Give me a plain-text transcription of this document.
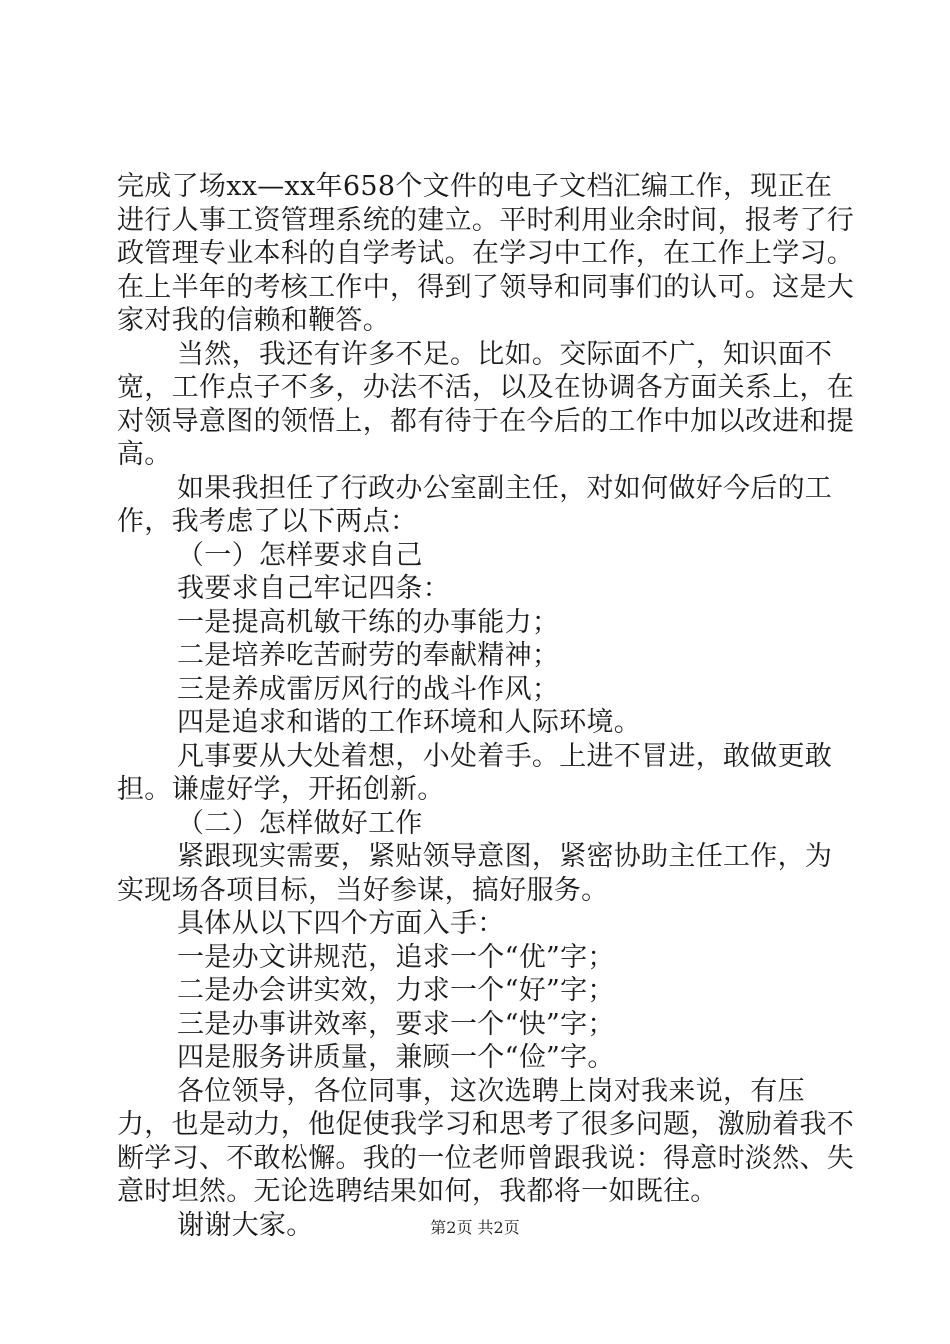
完成了场xx—xx年658个文件的电子文档汇编工作，现正在进行人事工资管理系统的建立。平时利用业余时间，报考了行政管理专业本科的自学考试。在学习中工作，在工作上学习。在上半年的考核工作中，得到了领导和同事们的认可。这是大家对我的信赖和鞭答。

当然，我还有许多不足。比如。交际面不广，知识面不宽，工作点子不多，办法不活，以及在协调各方面关系上，在对领导意图的领悟上，都有待于在今后的工作中加以改进和提高。

如果我担任了行政办公室副主任，对如何做好今后的工作，我考虑了以下两点：

（一）怎样要求自己

我要求自己牢记四条：

一是提高机敏干练的办事能力；

二是培养吃苦耐劳的奉献精神；

三是养成雷厉风行的战斗作风；

四是追求和谐的工作环境和人际环境。

凡事要从大处着想，小处着手。上进不冒进，敢做更敢担。谦虚好学，开拓创新。

（二）怎样做好工作

紧跟现实需要，紧贴领导意图，紧密协助主任工作，为实现场各项目标，当好参谋，搞好服务。

具体从以下四个方面入手：

一是办文讲规范，追求一个“优”字；

二是办会讲实效，力求一个“好”字；

三是办事讲效率，要求一个“快”字；

四是服务讲质量，兼顾一个“俭”字。

各位领导，各位同事，这次选聘上岗对我来说，有压力，也是动力，他促使我学习和思考了很多问题，激励着我不断学习、不敢松懈。我的一位老师曾跟我说：得意时淡然、失意时坦然。无论选聘结果如何，我都将一如既往。

谢谢大家。	第2页 共2页
